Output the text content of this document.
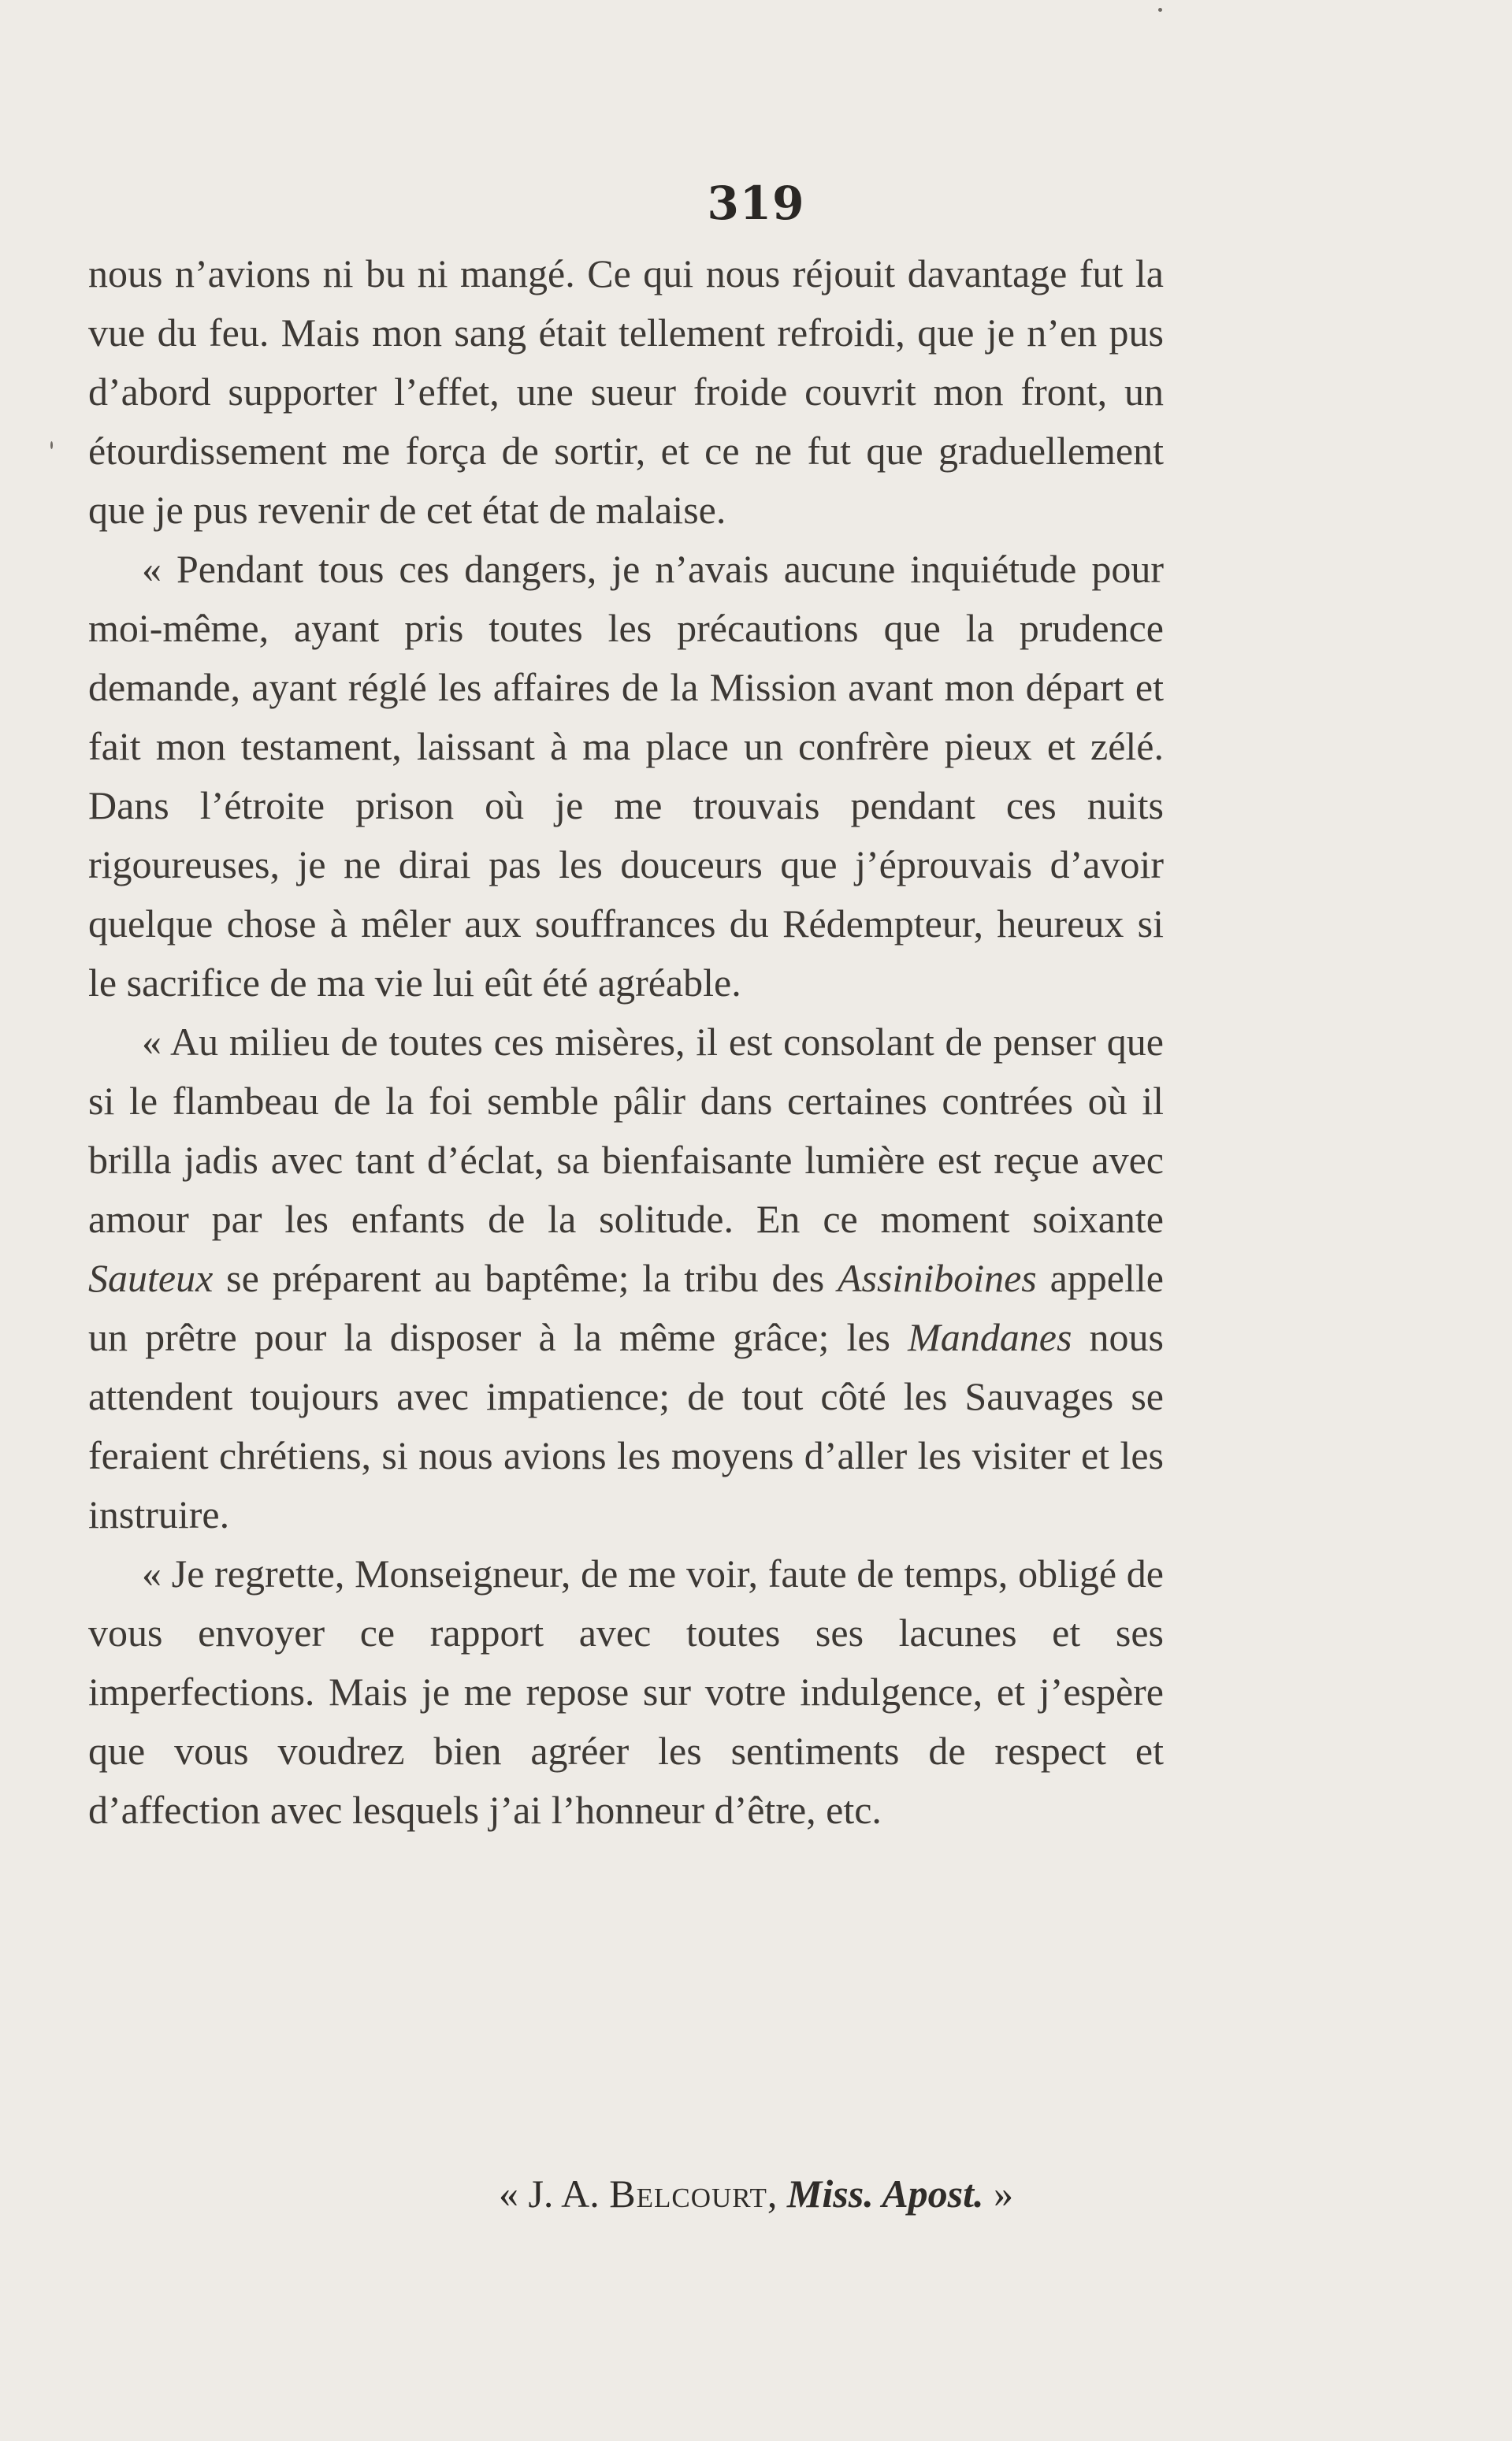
319

nous n’avions ni bu ni mangé. Ce qui nous réjouit davantage fut la vue du feu. Mais mon sang était tellement refroidi, que je n’en pus d’abord supporter l’effet, une sueur froide couvrit mon front, un étourdissement me força de sortir, et ce ne fut que graduellement que je pus revenir de cet état de malaise.

« Pendant tous ces dangers, je n’avais aucune inquiétude pour moi-même, ayant pris toutes les précautions que la prudence demande, ayant réglé les affaires de la Mission avant mon départ et fait mon testament, laissant à ma place un confrère pieux et zélé. Dans l’étroite prison où je me trouvais pendant ces nuits rigoureuses, je ne dirai pas les douceurs que j’éprouvais d’avoir quelque chose à mêler aux souffrances du Rédempteur, heureux si le sacrifice de ma vie lui eût été agréable.

« Au milieu de toutes ces misères, il est consolant de penser que si le flambeau de la foi semble pâlir dans certaines contrées où il brilla jadis avec tant d’éclat, sa bienfaisante lumière est reçue avec amour par les enfants de la solitude. En ce moment soixante Sauteux se préparent au baptême; la tribu des Assiniboines appelle un prêtre pour la disposer à la même grâce; les Mandanes nous attendent toujours avec impatience; de tout côté les Sauvages se feraient chrétiens, si nous avions les moyens d’aller les visiter et les instruire.

« Je regrette, Monseigneur, de me voir, faute de temps, obligé de vous envoyer ce rapport avec toutes ses lacunes et ses imperfections. Mais je me repose sur votre indulgence, et j’espère que vous voudrez bien agréer les sentiments de respect et d’affection avec lesquels j’ai l’honneur d’être, etc.

« J. A. Belcourt, Miss. Apost. »
